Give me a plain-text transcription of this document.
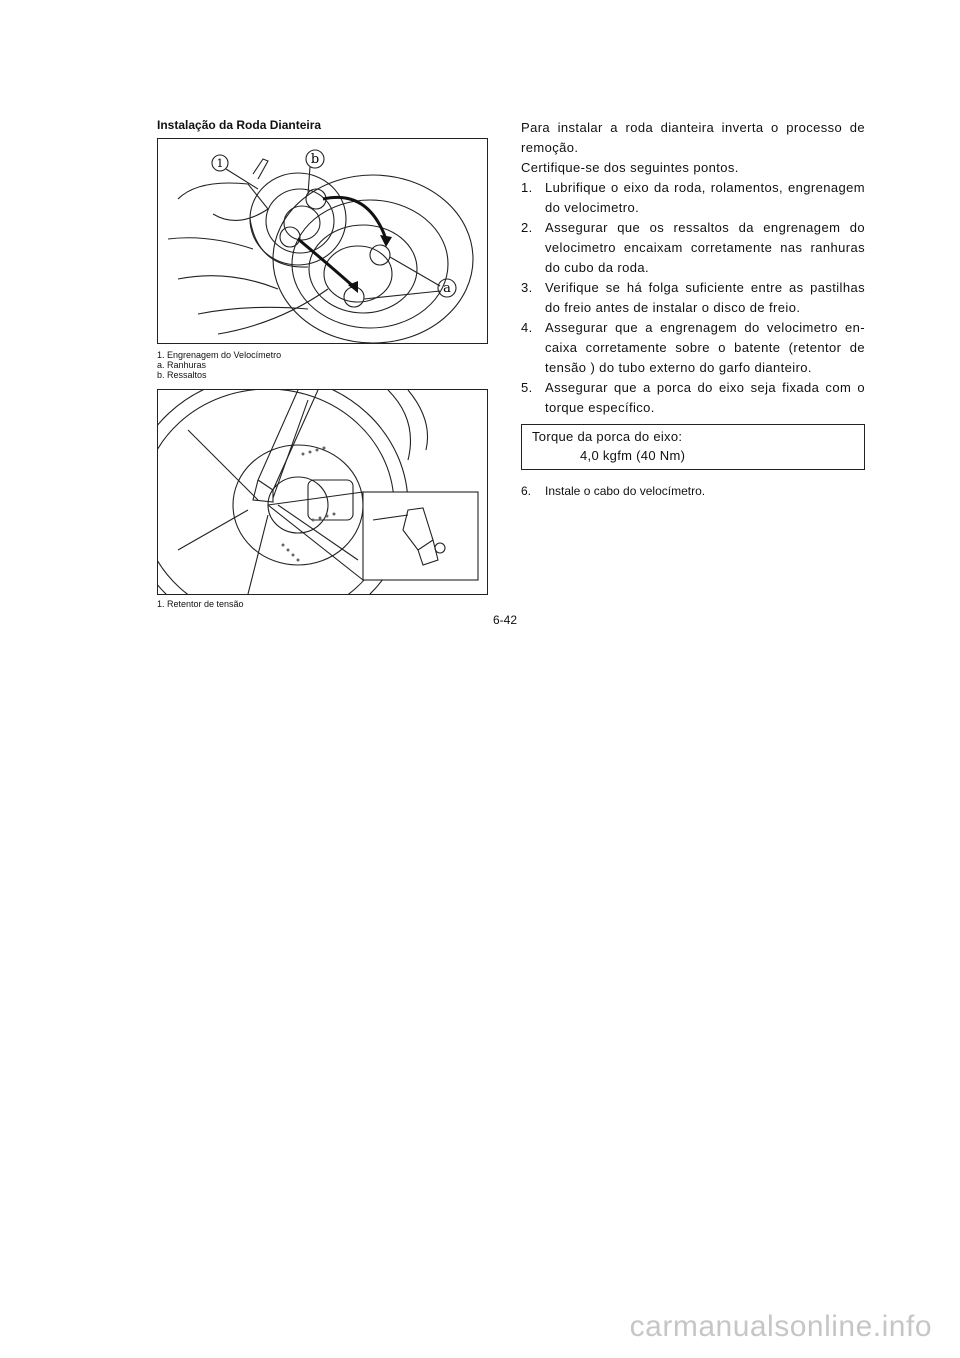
Instalação da Roda Dianteira
1	b
a
1. Engrenagem do Velocímetro
a. Ranhuras
b. Ressaltos
1. Retentor de tensão
6-42

Para instalar a roda dianteira inverta o processo de remoção.

Certifique-se dos seguintes pontos.

1. Lubrifique o eixo da roda, rolamentos, engrenagem do velocimetro.
2. Assegurar que os ressaltos da engrenagem do velocimetro encaixam corretamente nas ranhuras do cubo da roda.
3. Verifique se há folga suficiente entre as pastilhas do freio antes de instalar o disco de freio.
4. Assegurar que a engrenagem do velocimetro en-caixa corretamente sobre o batente (retentor de tensão ) do tubo externo do garfo dianteiro.
5. Assegurar que a porca do eixo seja fixada com o torque específico.
Torque da porca do eixo:
4,0 kgfm (40 Nm)
6. Instale o cabo do velocímetro.
carmanualsonline.info
